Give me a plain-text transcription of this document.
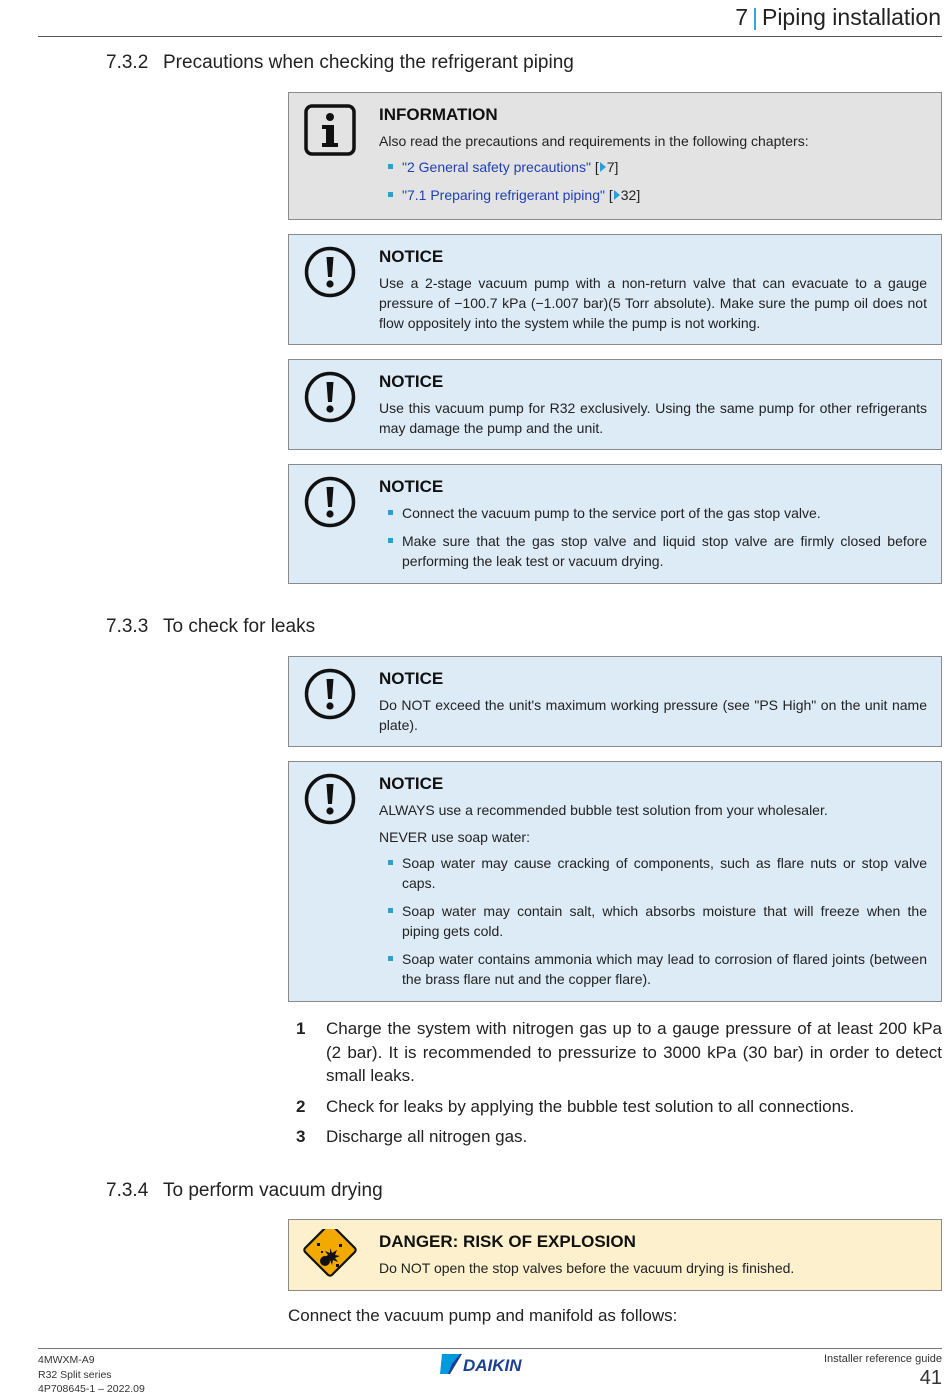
7 | Piping installation
7.3.2 Precautions when checking the refrigerant piping
INFORMATION

Also read the precautions and requirements in the following chapters:

"2 General safety precautions" [ 7]
"7.1 Preparing refrigerant piping" [ 32]
NOTICE

Use a 2-stage vacuum pump with a non-return valve that can evacuate to a gauge pressure of −100.7 kPa (−1.007 bar)(5 Torr absolute). Make sure the pump oil does not flow oppositely into the system while the pump is not working.

NOTICE

Use this vacuum pump for R32 exclusively. Using the same pump for other refrigerants may damage the pump and the unit.

NOTICE
Connect the vacuum pump to the service port of the gas stop valve.
Make sure that the gas stop valve and liquid stop valve are firmly closed before performing the leak test or vacuum drying.
7.3.3 To check for leaks
NOTICE

Do NOT exceed the unit's maximum working pressure (see "PS High" on the unit name plate).

NOTICE

ALWAYS use a recommended bubble test solution from your wholesaler.

NEVER use soap water:

Soap water may cause cracking of components, such as flare nuts or stop valve caps.
Soap water may contain salt, which absorbs moisture that will freeze when the piping gets cold.
Soap water contains ammonia which may lead to corrosion of flared joints (between the brass flare nut and the copper flare).
1 Charge the system with nitrogen gas up to a gauge pressure of at least 200 kPa (2 bar). It is recommended to pressurize to 3000 kPa (30 bar) in order to detect small leaks.
2 Check for leaks by applying the bubble test solution to all connections.
3 Discharge all nitrogen gas.
7.3.4 To perform vacuum drying
DANGER: RISK OF EXPLOSION

Do NOT open the stop valves before the vacuum drying is finished.

Connect the vacuum pump and manifold as follows:
4MWXM-A9
R32 Split series
4P708645-1 – 2022.09
DAIKIN	Installer reference guide
41
